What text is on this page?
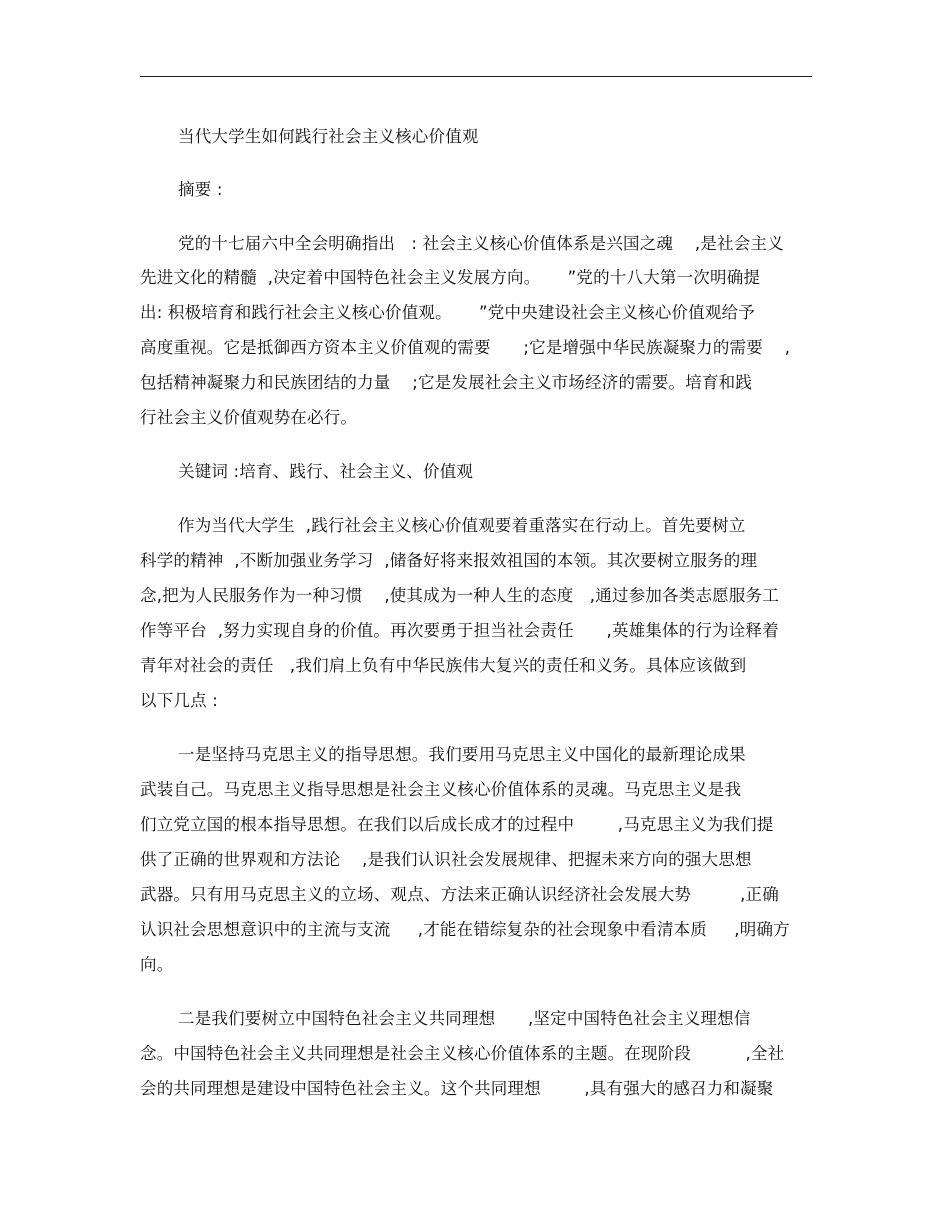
当代大学生如何践行社会主义核心价值观
摘要 :
党的十七届六中全会明确指出   : 社会主义核心价值体系是兴国之魂    ,是社会主义
先进文化的精髓  ,决定着中国特色社会主义发展方向。     ”党的十八大第一次明确提
出: 积极培育和践行社会主义核心价值观。     ”党中央建设社会主义核心价值观给予
高度重视。它是抵御西方资本主义价值观的需要      ;它是增强中华民族凝聚力的需要    ,
包括精神凝聚力和民族团结的力量    ;它是发展社会主义市场经济的需要。培育和践
行社会主义价值观势在必行。
关键词 :培育、践行、社会主义、价值观
作为当代大学生  ,践行社会主义核心价值观要着重落实在行动上。首先要树立
科学的精神  ,不断加强业务学习  ,储备好将来报效祖国的本领。其次要树立服务的理
念,把为人民服务作为一种习惯    ,使其成为一种人生的态度   ,通过参加各类志愿服务工
作等平台  ,努力实现自身的价值。再次要勇于担当社会责任      ,英雄集体的行为诠释着
青年对社会的责任   ,我们肩上负有中华民族伟大复兴的责任和义务。具体应该做到
以下几点 :
一是坚持马克思主义的指导思想。我们要用马克思主义中国化的最新理论成果
武装自己。马克思主义指导思想是社会主义核心价值体系的灵魂。马克思主义是我
们立党立国的根本指导思想。在我们以后成长成才的过程中        ,马克思主义为我们提
供了正确的世界观和方法论    ,是我们认识社会发展规律、把握未来方向的强大思想
武器。只有用马克思主义的立场、观点、方法来正确认识经济社会发展大势         ,正确
认识社会思想意识中的主流与支流     ,才能在错综复杂的社会现象中看清本质     ,明确方
向。
二是我们要树立中国特色社会主义共同理想      ,坚定中国特色社会主义理想信
念。中国特色社会主义共同理想是社会主义核心价值体系的主题。在现阶段          ,全社
会的共同理想是建设中国特色社会主义。这个共同理想        ,具有强大的感召力和凝聚
